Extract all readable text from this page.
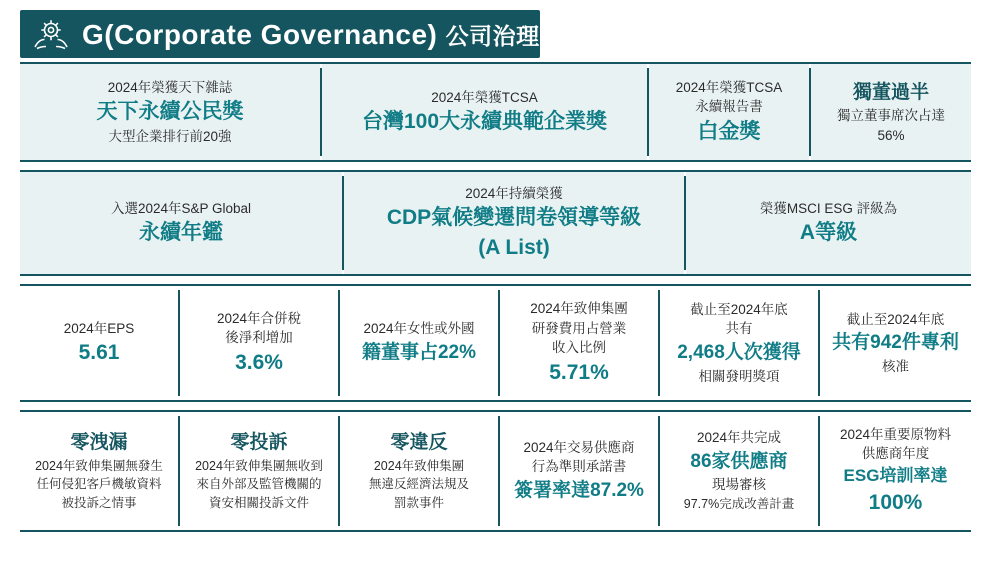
G(Corporate Governance) 公司治理
2024年榮獲天下雜誌
天下永續公民獎
大型企業排行前20強
2024年榮獲TCSA
台灣100大永續典範企業獎
2024年榮獲TCSA
永續報告書
白金獎
獨董過半
獨立董事席次占達
56%
入選2024年S&P Global
永續年鑑
2024年持續榮獲
CDP氣候變遷問卷領導等級
(A List)
榮獲MSCI ESG 評級為
A等級
2024年EPS
5.61
2024年合併稅
後淨利增加
3.6%
2024年女性或外國
籍董事占22%
2024年致伸集團
研發費用占營業
收入比例
5.71%
截止至2024年底
共有
2,468人次獲得
相關發明獎項
截止至2024年底
共有942件專利
核准
零洩漏
2024年致伸集團無發生
任何侵犯客戶機敏資料
被投訴之情事
零投訴
2024年致伸集團無收到
來自外部及監管機關的
資安相關投訴文件
零違反
2024年致伸集團
無違反經濟法規及
罰款事件
2024年交易供應商
行為準則承諾書
簽署率達87.2%
2024年共完成
86家供應商
現場審核
97.7%完成改善計畫
2024年重要原物料
供應商年度
ESG培訓率達
100%
